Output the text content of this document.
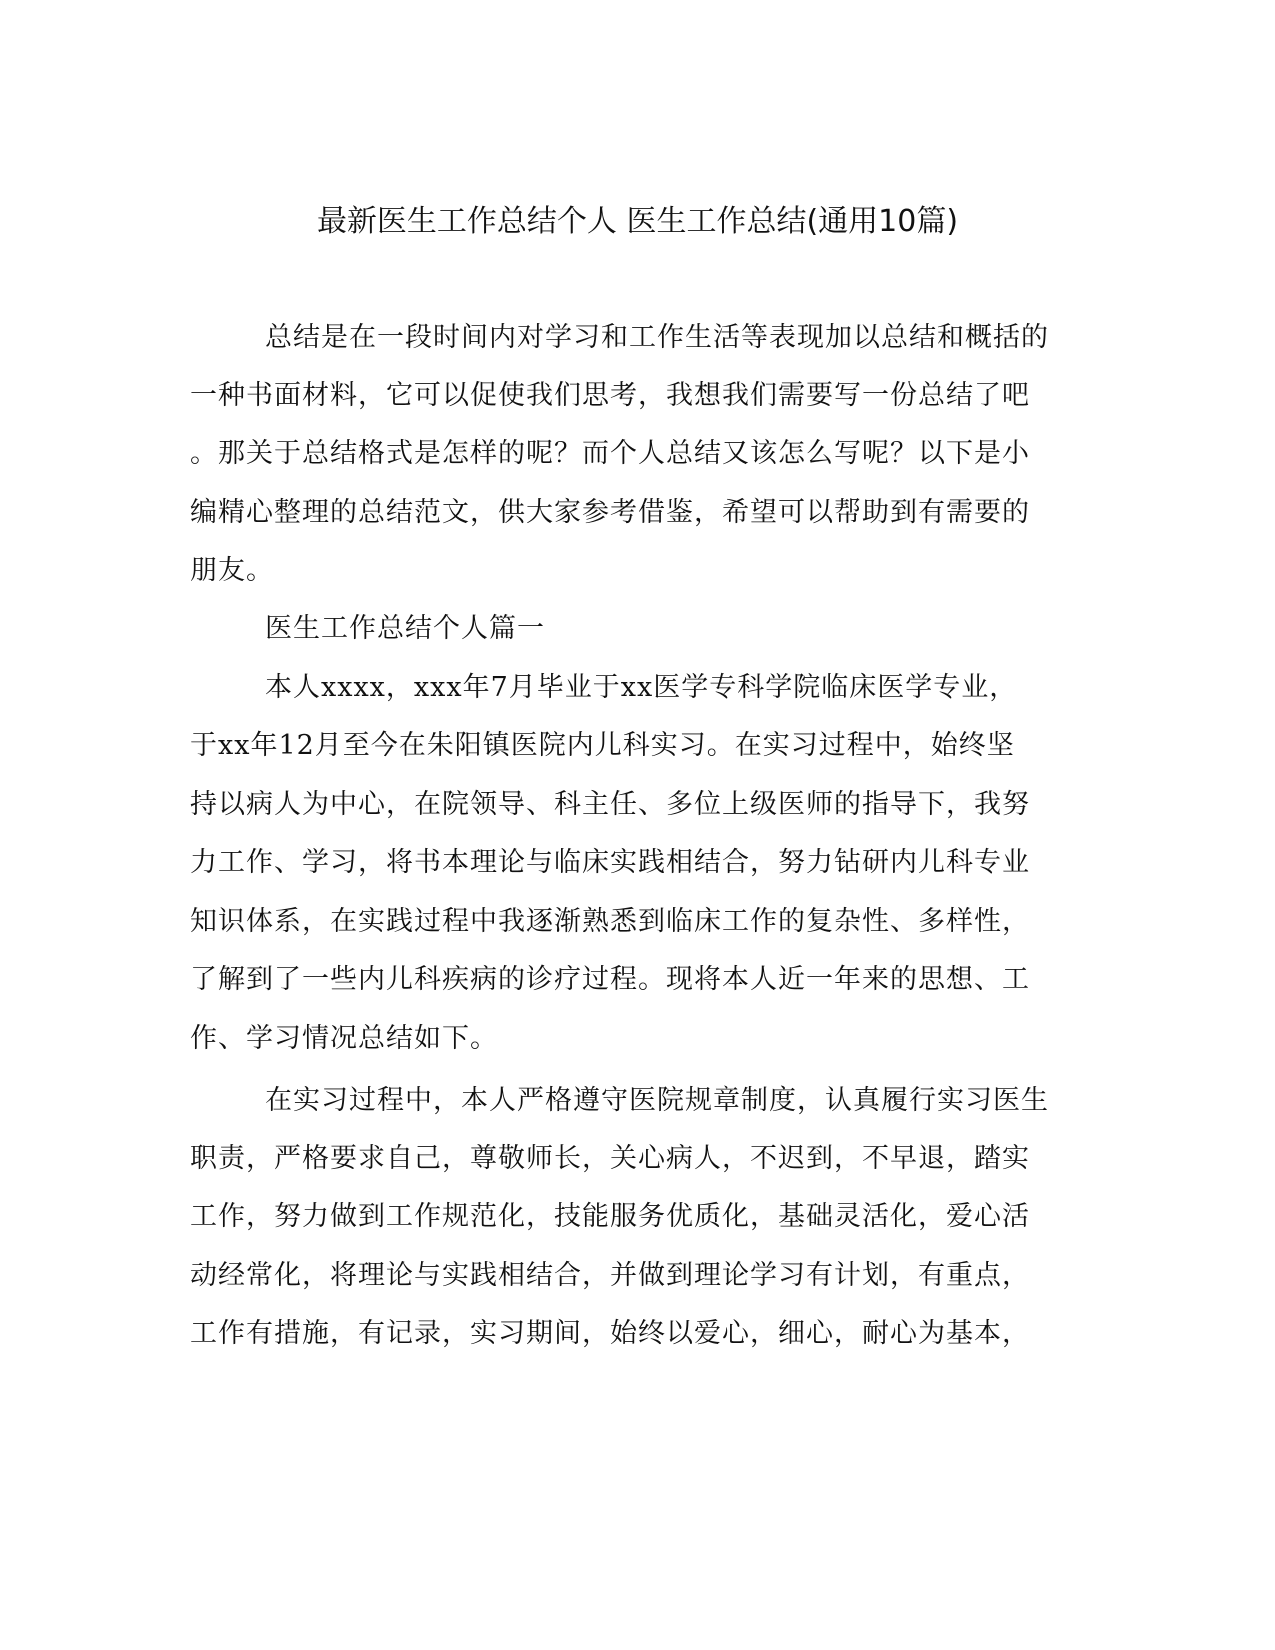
最新医生工作总结个人 医生工作总结(通用10篇)
总结是在一段时间内对学习和工作生活等表现加以总结和概括的
一种书面材料，它可以促使我们思考，我想我们需要写一份总结了吧
。那关于总结格式是怎样的呢？而个人总结又该怎么写呢？以下是小
编精心整理的总结范文，供大家参考借鉴，希望可以帮助到有需要的
朋友。
医生工作总结个人篇一
本人xxxx，xxx年7月毕业于xx医学专科学院临床医学专业，
于xx年12月至今在朱阳镇医院内儿科实习。在实习过程中，始终坚
持以病人为中心，在院领导、科主任、多位上级医师的指导下，我努
力工作、学习，将书本理论与临床实践相结合，努力钻研内儿科专业
知识体系，在实践过程中我逐渐熟悉到临床工作的复杂性、多样性，
了解到了一些内儿科疾病的诊疗过程。现将本人近一年来的思想、工
作、学习情况总结如下。
在实习过程中，本人严格遵守医院规章制度，认真履行实习医生
职责，严格要求自己，尊敬师长，关心病人，不迟到，不早退，踏实
工作，努力做到工作规范化，技能服务优质化，基础灵活化，爱心活
动经常化，将理论与实践相结合，并做到理论学习有计划，有重点，
工作有措施，有记录，实习期间，始终以爱心，细心，耐心为基本，
